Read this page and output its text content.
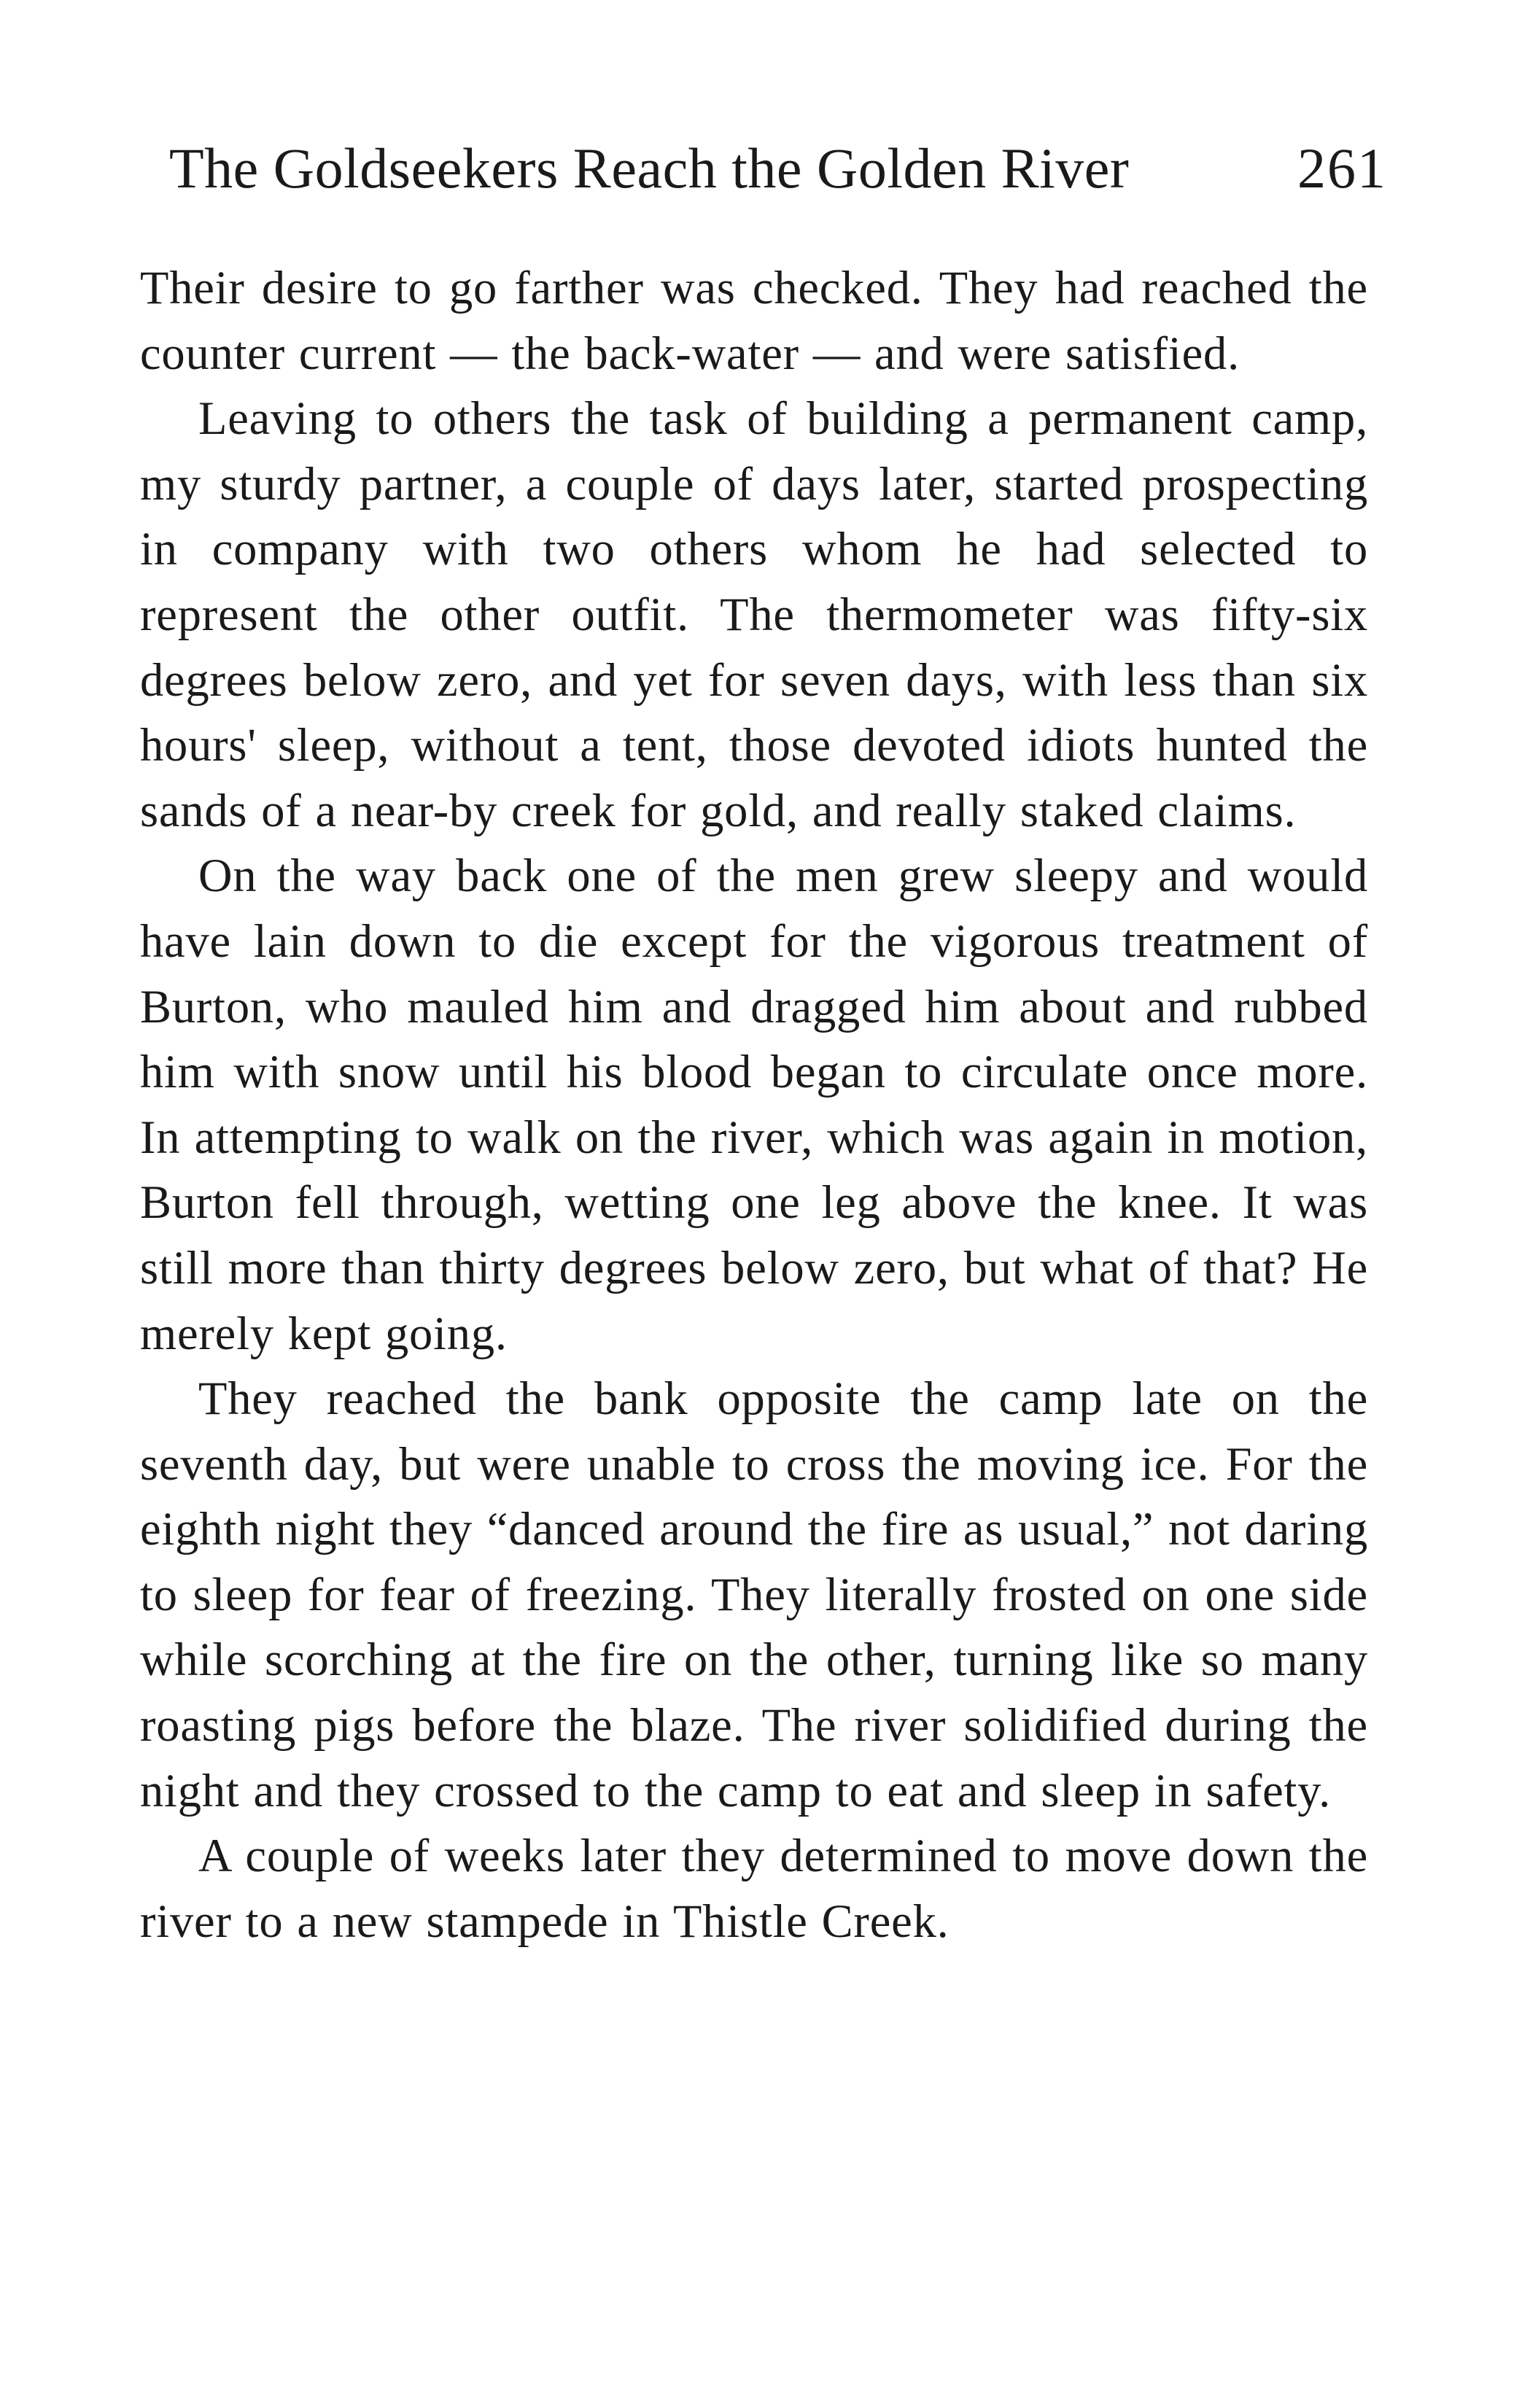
The Goldseekers Reach the Golden River	261

Their desire to go farther was checked. They had reached the counter current — the back-water — and were satisfied.

Leaving to others the task of building a permanent camp, my sturdy partner, a couple of days later, started prospecting in company with two others whom he had selected to represent the other outfit. The thermometer was fifty-six degrees below zero, and yet for seven days, with less than six hours' sleep, without a tent, those devoted idiots hunted the sands of a near-by creek for gold, and really staked claims.

On the way back one of the men grew sleepy and would have lain down to die except for the vigorous treatment of Burton, who mauled him and dragged him about and rubbed him with snow until his blood began to circulate once more. In attempting to walk on the river, which was again in motion, Burton fell through, wetting one leg above the knee. It was still more than thirty degrees below zero, but what of that? He merely kept going.

They reached the bank opposite the camp late on the seventh day, but were unable to cross the moving ice. For the eighth night they “danced around the fire as usual,” not daring to sleep for fear of freezing. They literally frosted on one side while scorching at the fire on the other, turning like so many roasting pigs before the blaze. The river solidified during the night and they crossed to the camp to eat and sleep in safety.

A couple of weeks later they determined to move down the river to a new stampede in Thistle Creek.
